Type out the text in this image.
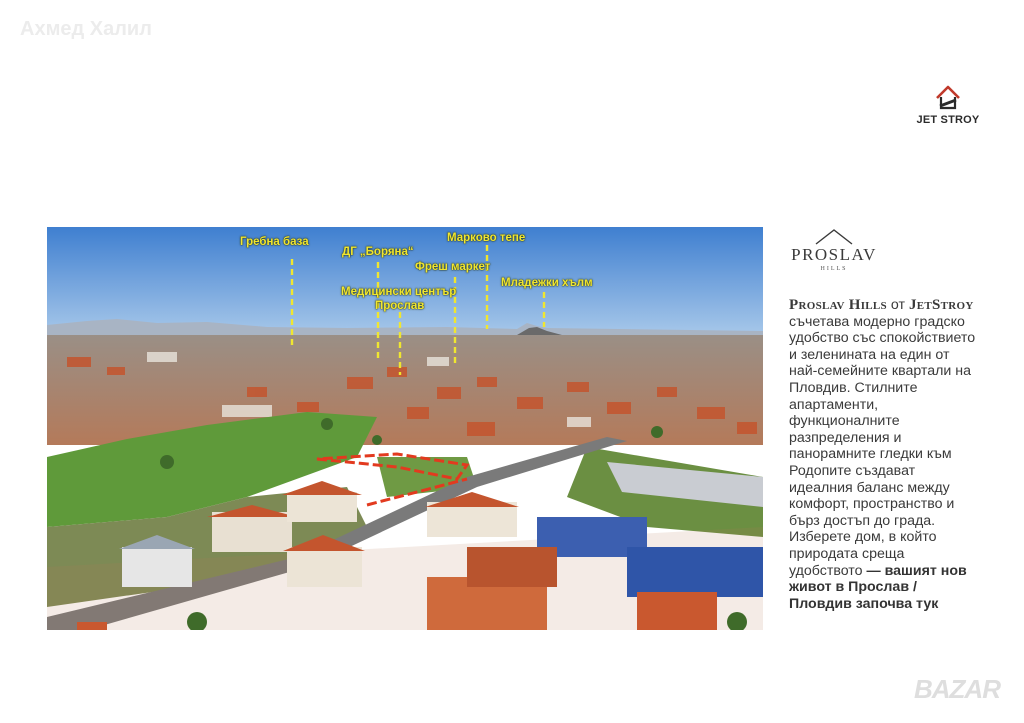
Ахмед Халил
JET STROY
Гребна база
ДГ „Боряна“
Марково тепе
Фреш маркет
Младежки хълм
Медицински център
Прослав
PROSLAV
HILLS
Proslav Hills от JetStroy съчетава модерно градско удобство със спокойствието и зеленината на един от най-семейните квартали на Пловдив. Стилните апартаменти, функционалните разпределения и панорамните гледки към Родопите създават идеалния баланс между комфорт, пространство и бърз достъп до града. Изберете дом, в който природата среща удобството — вашият нов живот в Прослав / Пловдив започва тук
BAZAR
